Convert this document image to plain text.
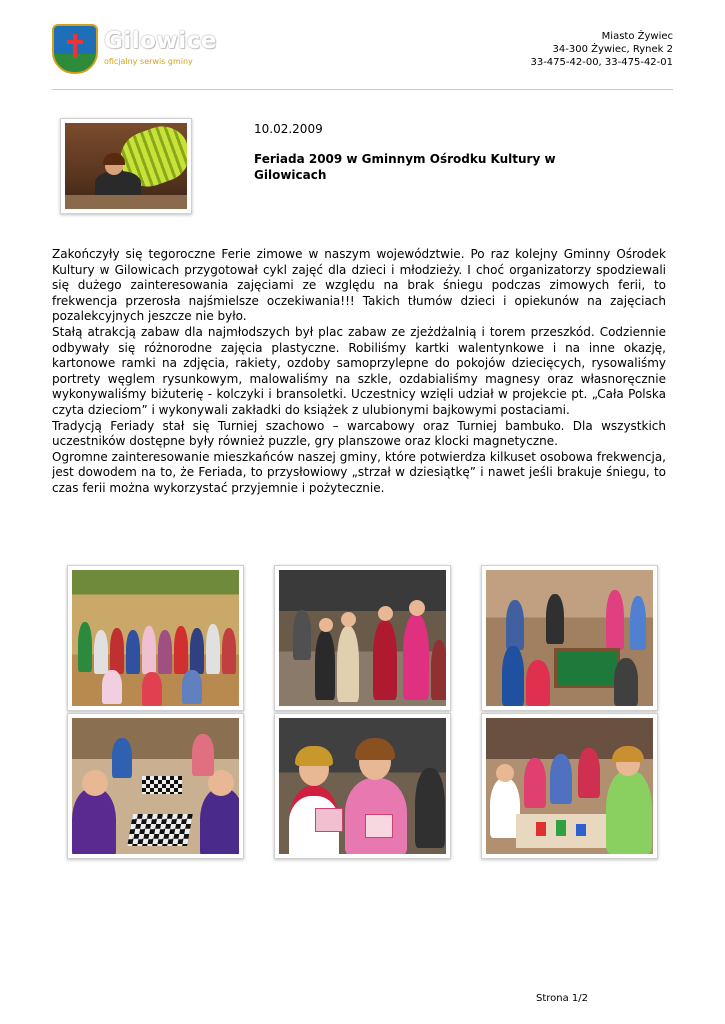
Gilowice
oficjalny serwis gminy
Miasto Żywiec
34-300 Żywiec, Rynek 2
33-475-42-00, 33-475-42-01
10.02.2009
Feriada 2009 w Gminnym Ośrodku Kultury w Gilowicach

Zakończyły się tegoroczne Ferie zimowe w naszym województwie. Po raz kolejny Gminny Ośrodek Kultury w Gilowicach przygotował cykl zajęć dla dzieci i młodzieży. I choć organizatorzy spodziewali się dużego zainteresowania zajęciami ze względu na brak śniegu podczas zimowych ferii, to frekwencja przerosła najśmielsze oczekiwania!!! Takich tłumów dzieci i opiekunów na zajęciach pozalekcyjnych jeszcze nie było.

Stałą atrakcją zabaw dla najmłodszych był plac zabaw ze zjeżdżalnią i torem przeszkód. Codziennie odbywały się różnorodne zajęcia plastyczne. Robiliśmy kartki walentynkowe i na inne okazję, kartonowe ramki na zdjęcia, rakiety, ozdoby samoprzylepne do pokojów dziecięcych, rysowaliśmy portrety węglem rysunkowym, malowaliśmy na szkle, ozdabialiśmy magnesy oraz własnoręcznie wykonywaliśmy biżuterię - kolczyki i bransoletki. Uczestnicy wzięli udział w projekcie pt. „Cała Polska czyta dzieciom” i wykonywali zakładki do książek z ulubionymi bajkowymi postaciami.

Tradycją Feriady stał się Turniej szachowo – warcabowy oraz Turniej bambuko. Dla wszystkich uczestników dostępne były również puzzle, gry planszowe oraz klocki magnetyczne.

Ogromne zainteresowanie mieszkańców naszej gminy, które potwierdza kilkuset osobowa frekwencja, jest dowodem na to, że Feriada, to przysłowiowy „strzał w dziesiątkę” i nawet jeśli brakuje śniegu, to czas ferii można wykorzystać przyjemnie i pożytecznie.

Strona 1/2
